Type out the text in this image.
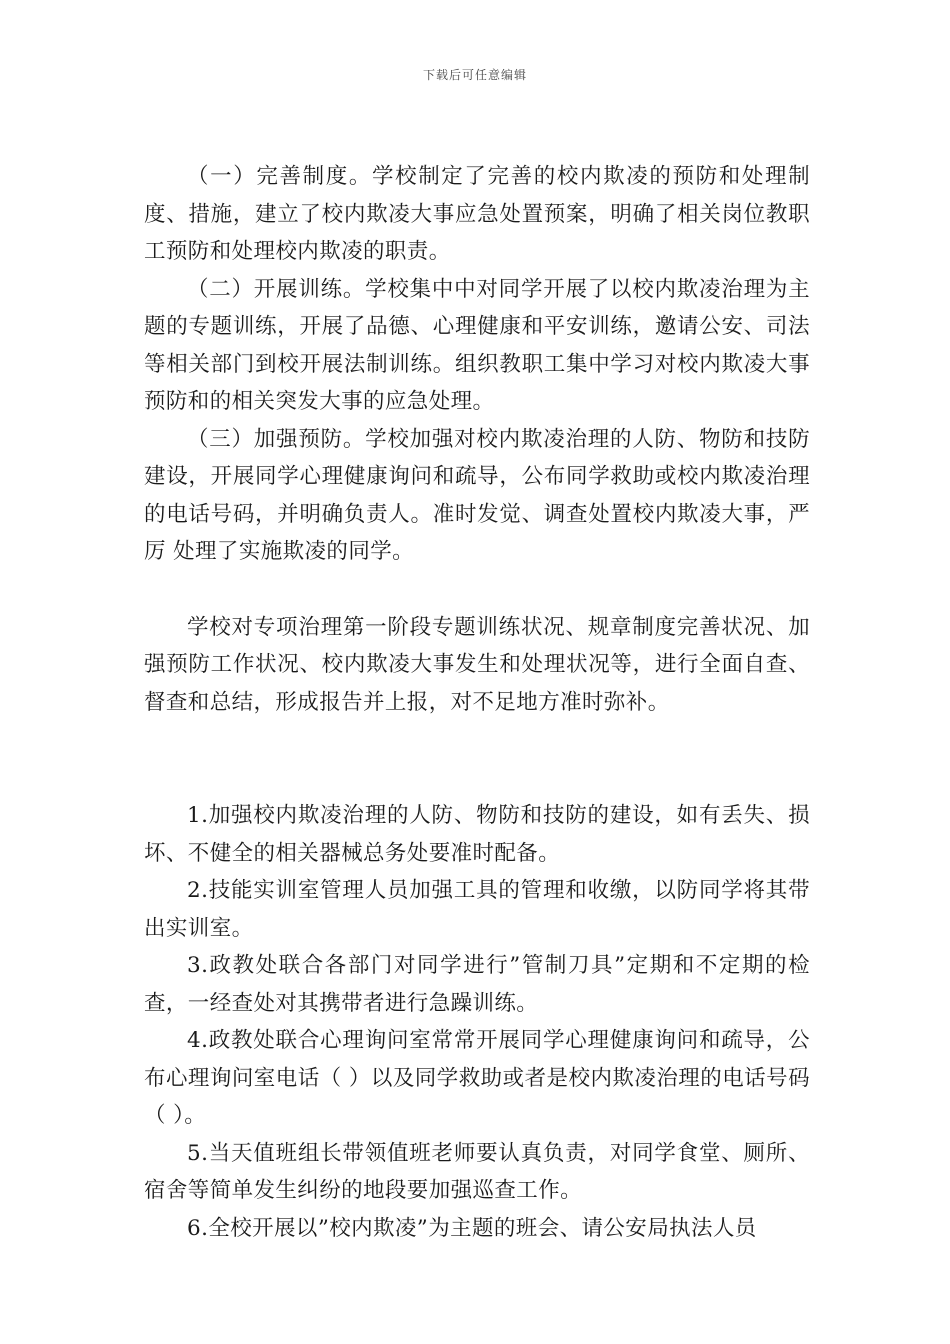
下载后可任意编辑

（一）完善制度。学校制定了完善的校内欺凌的预防和处理制度、措施，建立了校内欺凌大事应急处置预案，明确了相关岗位教职工预防和处理校内欺凌的职责。

（二）开展训练。学校集中中对同学开展了以校内欺凌治理为主题的专题训练，开展了品德、心理健康和平安训练，邀请公安、司法等相关部门到校开展法制训练。组织教职工集中学习对校内欺凌大事预防和的相关突发大事的应急处理。

（三）加强预防。学校加强对校内欺凌治理的人防、物防和技防建设，开展同学心理健康询问和疏导，公布同学救助或校内欺凌治理的电话号码，并明确负责人。准时发觉、调查处置校内欺凌大事，严厉 处理了实施欺凌的同学。

学校对专项治理第一阶段专题训练状况、规章制度完善状况、加强预防工作状况、校内欺凌大事发生和处理状况等，进行全面自查、督查和总结，形成报告并上报，对不足地方准时弥补。

1.加强校内欺凌治理的人防、物防和技防的建设，如有丢失、损坏、不健全的相关器械总务处要准时配备。

2.技能实训室管理人员加强工具的管理和收缴，以防同学将其带出实训室。

3.政教处联合各部门对同学进行”管制刀具”定期和不定期的检查，一经查处对其携带者进行急躁训练。

4.政教处联合心理询问室常常开展同学心理健康询问和疏导，公布心理询问室电话（ ）以及同学救助或者是校内欺凌治理的电话号码（ ）。

5.当天值班组长带领值班老师要认真负责，对同学食堂、厕所、宿舍等简单发生纠纷的地段要加强巡查工作。

6.全校开展以”校内欺凌”为主题的班会、请公安局执法人员
